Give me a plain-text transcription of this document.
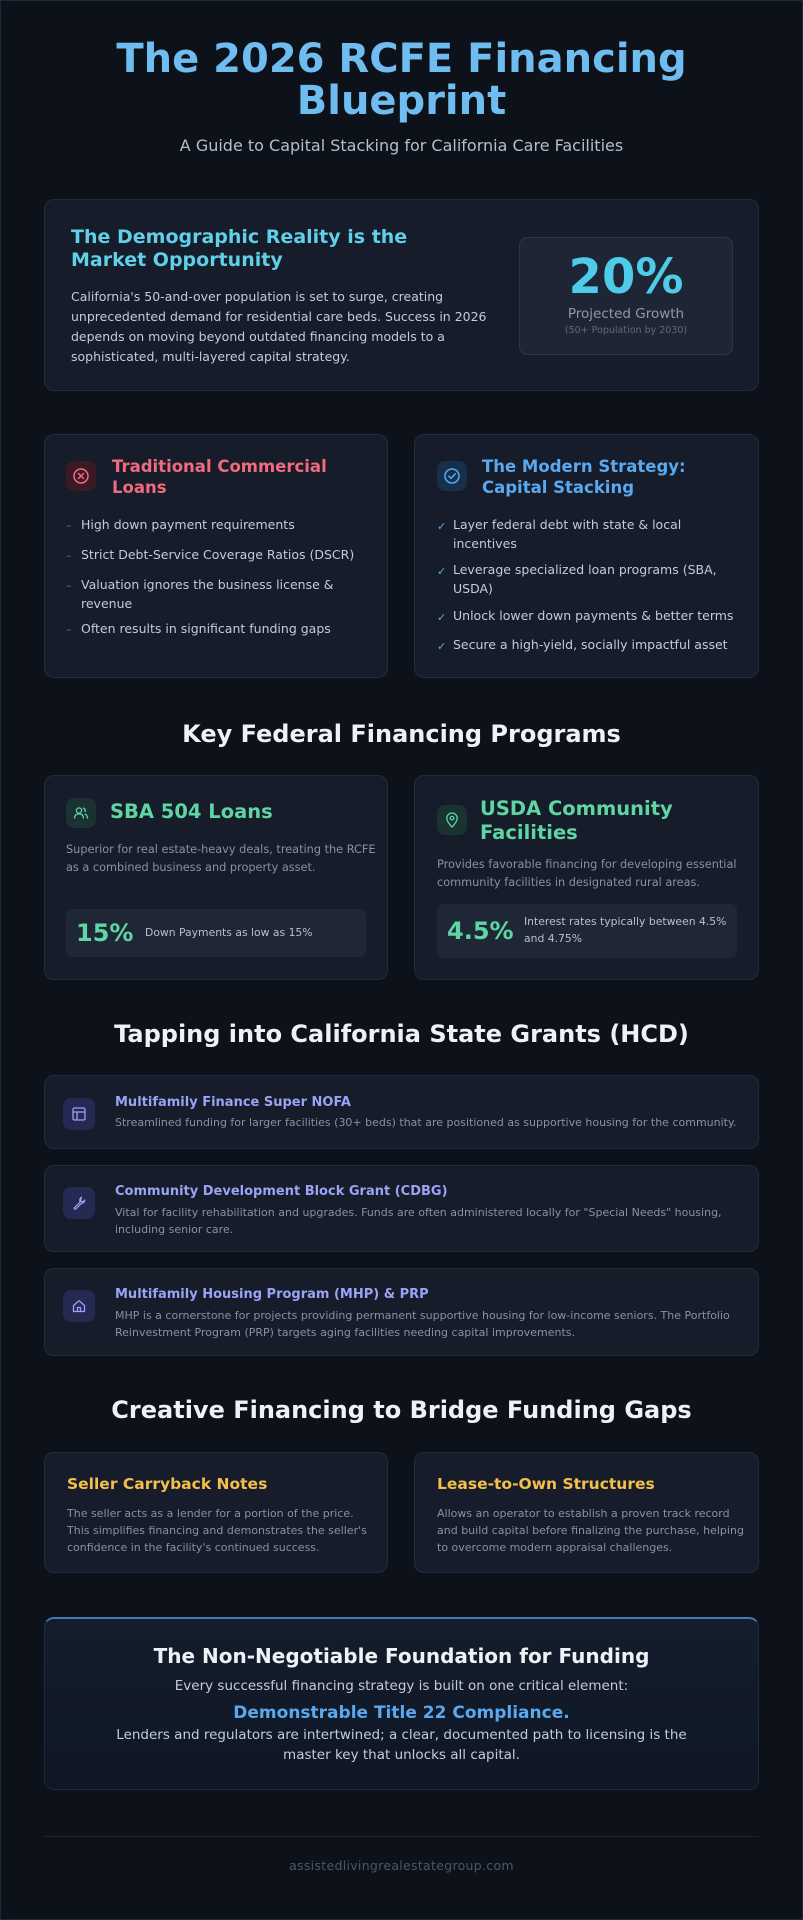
The 2026 RCFE Financing
Blueprint
A Guide to Capital Stacking for California Care Facilities
The Demographic Reality is the
Market Opportunity
California's 50-and-over population is set to surge, creating
unprecedented demand for residential care beds. Success in 2026
depends on moving beyond outdated financing models to a
sophisticated, multi-layered capital strategy.
20%
Projected Growth
(50+ Population by 2030)
Traditional Commercial
Loans
– High down payment requirements
– Strict Debt-Service Coverage Ratios (DSCR)
– Valuation ignores the business license &
revenue
– Often results in significant funding gaps
The Modern Strategy:
Capital Stacking
✓ Layer federal debt with state & local
incentives
✓ Leverage specialized loan programs (SBA,
USDA)
✓ Unlock lower down payments & better terms
✓ Secure a high-yield, socially impactful asset
Key Federal Financing Programs
SBA 504 Loans
Superior for real estate-heavy deals, treating the RCFE
as a combined business and property asset.
15% Down Payments as low as 15%
USDA Community
Facilities
Provides favorable financing for developing essential
community facilities in designated rural areas.
4.5% Interest rates typically between 4.5%
and 4.75%
Tapping into California State Grants (HCD)
Multifamily Finance Super NOFA
Streamlined funding for larger facilities (30+ beds) that are positioned as supportive housing for the community.
Community Development Block Grant (CDBG)
Vital for facility rehabilitation and upgrades. Funds are often administered locally for "Special Needs" housing,
including senior care.
Multifamily Housing Program (MHP) & PRP
MHP is a cornerstone for projects providing permanent supportive housing for low-income seniors. The Portfolio
Reinvestment Program (PRP) targets aging facilities needing capital improvements.
Creative Financing to Bridge Funding Gaps
Seller Carryback Notes
The seller acts as a lender for a portion of the price.
This simplifies financing and demonstrates the seller's
confidence in the facility's continued success.
Lease-to-Own Structures
Allows an operator to establish a proven track record
and build capital before finalizing the purchase, helping
to overcome modern appraisal challenges.
The Non-Negotiable Foundation for Funding
Every successful financing strategy is built on one critical element:
Demonstrable Title 22 Compliance.
Lenders and regulators are intertwined; a clear, documented path to licensing is the
master key that unlocks all capital.
assistedlivingrealestategroup.com
